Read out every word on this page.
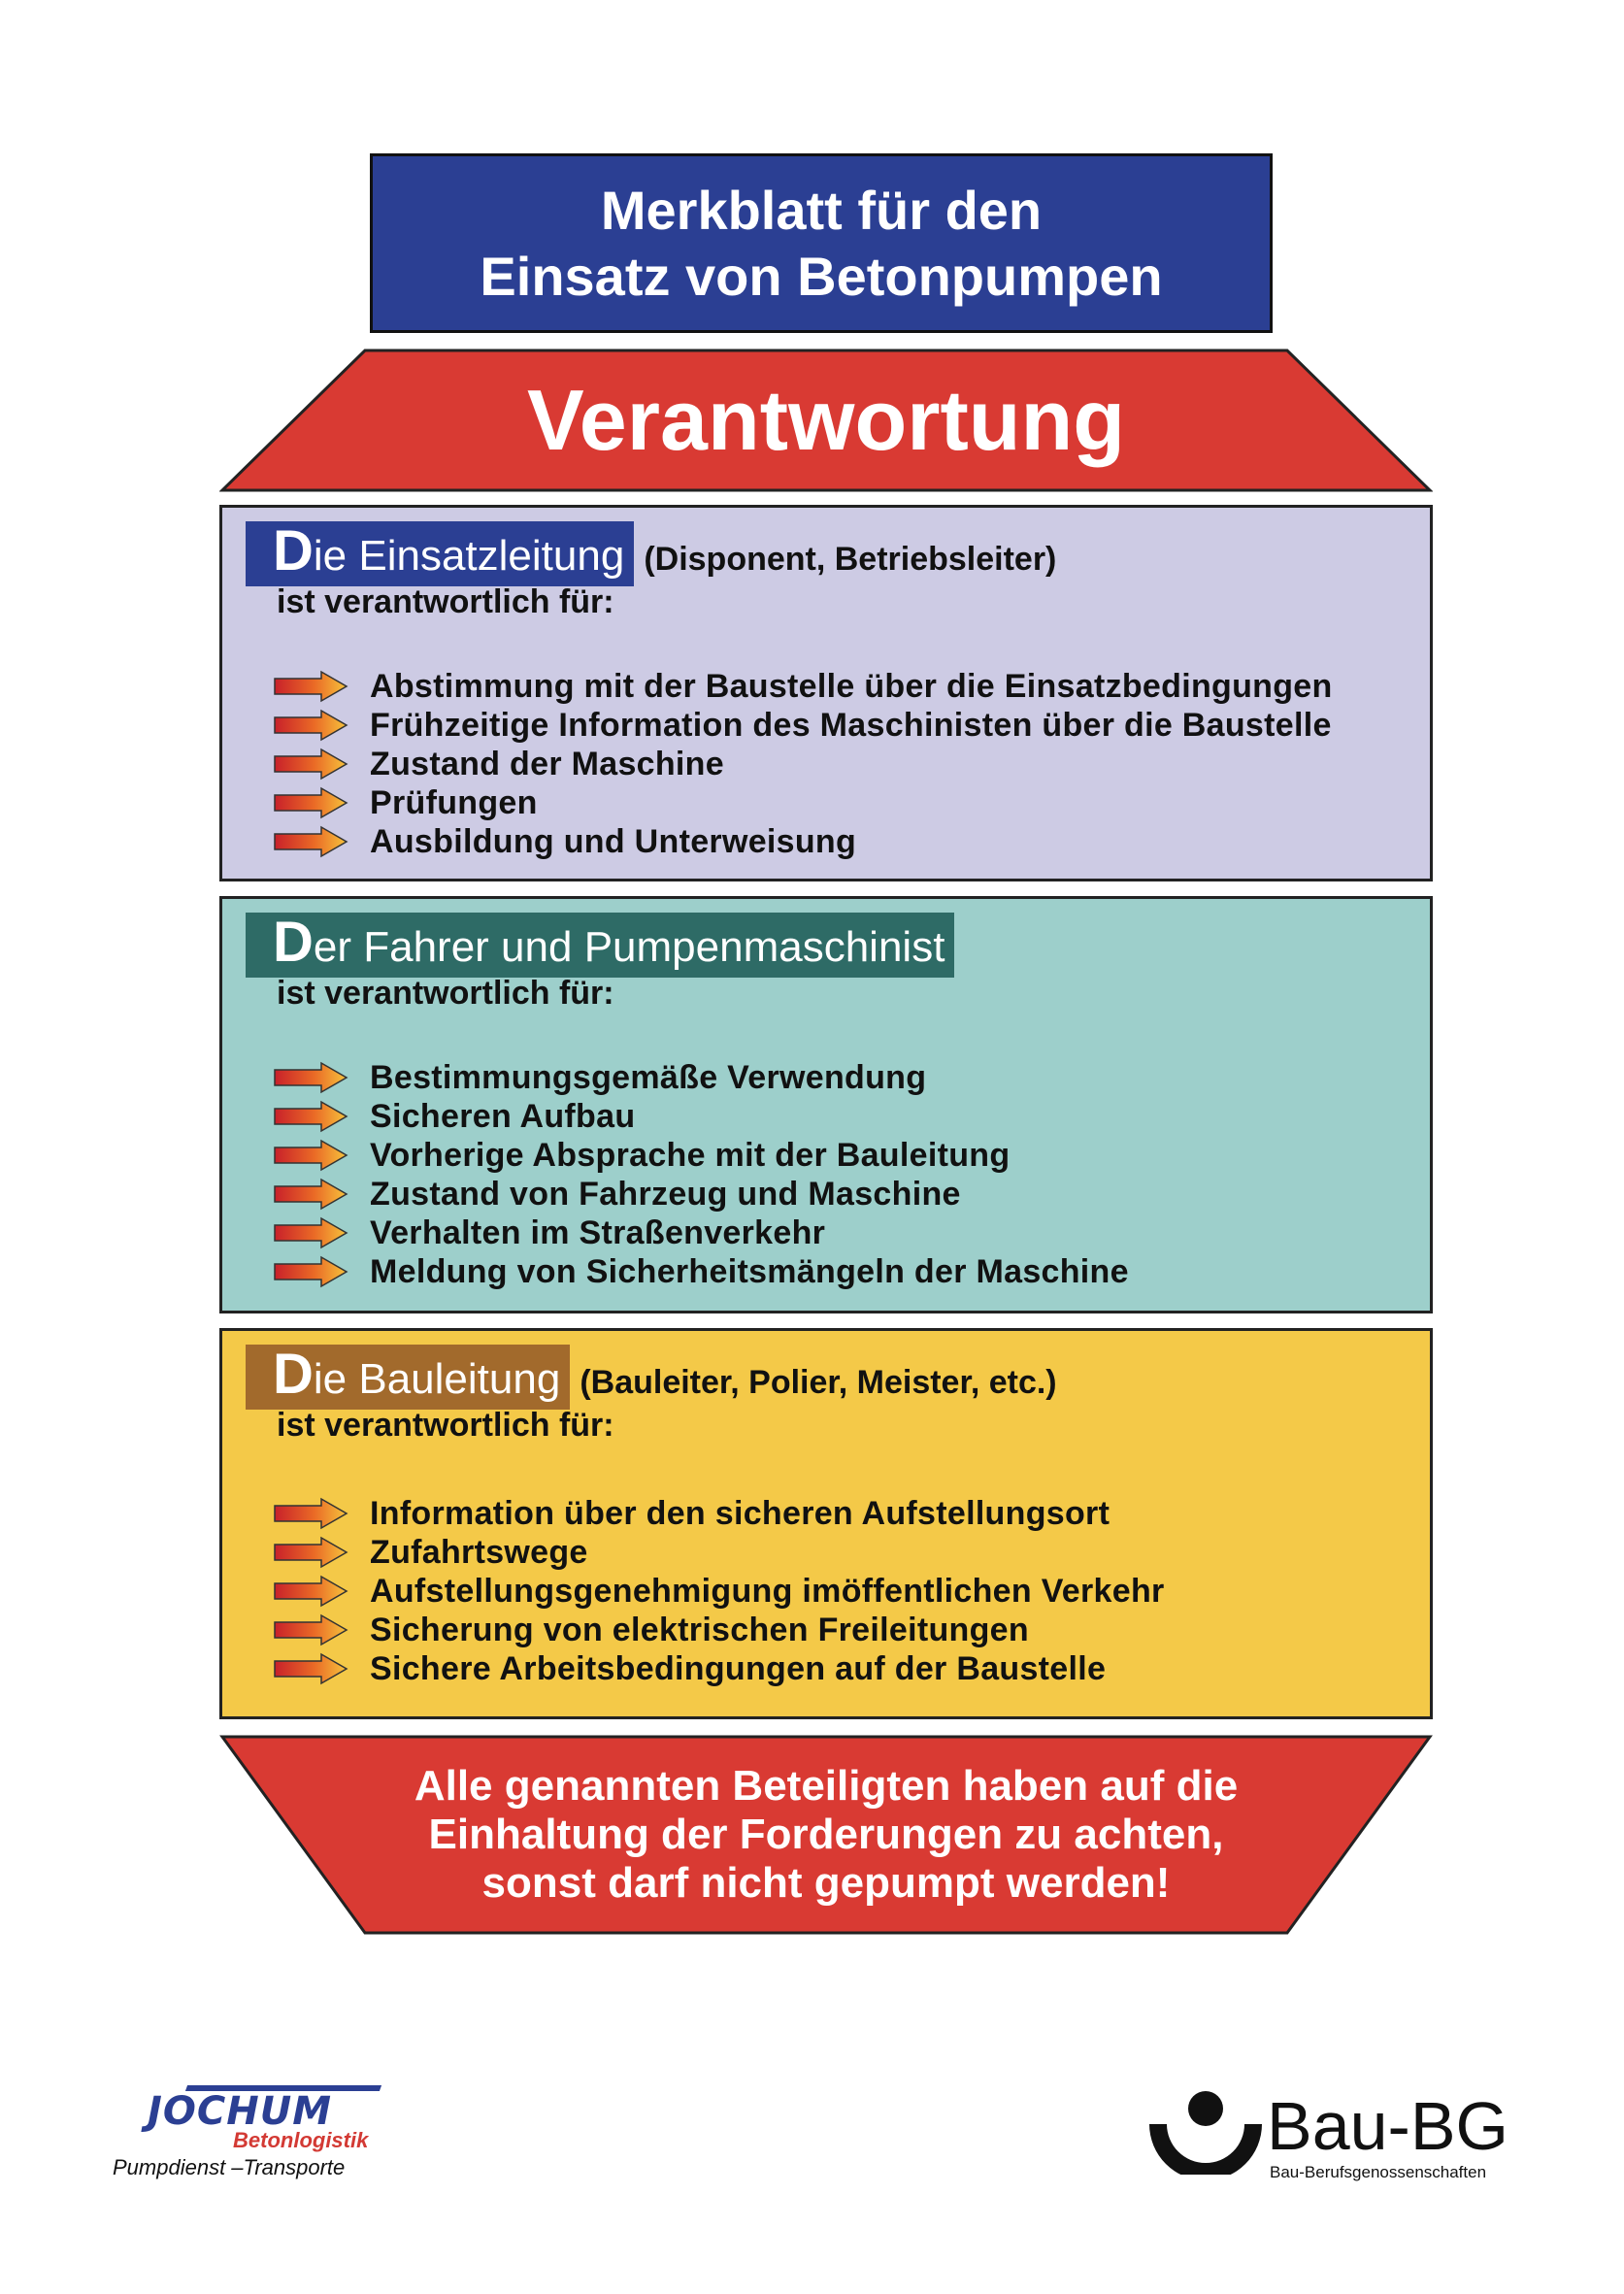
Merkblatt für den
Einsatz von Betonpumpen
Verantwortung
Die Einsatzleitung (Disponent, Betriebsleiter)
ist verantwortlich für:
Abstimmung mit der Baustelle über die Einsatzbedingungen
Frühzeitige Information des Maschinisten über die Baustelle
Zustand der Maschine
Prüfungen
Ausbildung und Unterweisung
Der Fahrer und Pumpenmaschinist
ist verantwortlich für:
Bestimmungsgemäße Verwendung
Sicheren Aufbau
Vorherige Absprache mit der Bauleitung
Zustand von Fahrzeug und Maschine
Verhalten im Straßenverkehr
Meldung von Sicherheitsmängeln der Maschine
Die Bauleitung (Bauleiter, Polier, Meister, etc.)
ist verantwortlich für:
Information über den sicheren Aufstellungsort
Zufahrtswege
Aufstellungsgenehmigung imöffentlichen Verkehr
Sicherung von elektrischen Freileitungen
Sichere Arbeitsbedingungen auf der Baustelle
Alle genannten Beteiligten haben auf die
Einhaltung der Forderungen zu achten,
sonst darf nicht gepumpt werden!
JOCHUM
Betonlogistik
Pumpdienst –Transporte
Bau-BG
Bau-Berufsgenossenschaften
